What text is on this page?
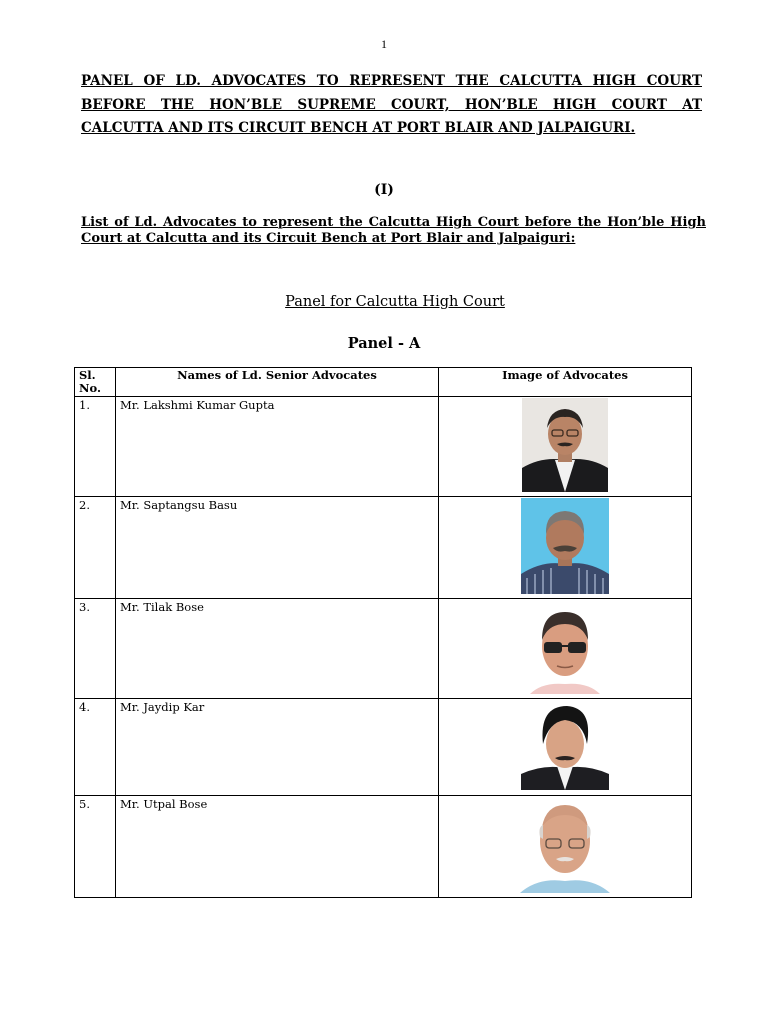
1
PANEL OF LD. ADVOCATES TO REPRESENT THE CALCUTTA HIGH COURT BEFORE THE HON’BLE SUPREME COURT, HON’BLE HIGH COURT AT CALCUTTA AND ITS CIRCUIT BENCH AT PORT BLAIR AND JALPAIGURI.
(I)
List of Ld. Advocates to represent the Calcutta High Court before the Hon’ble High Court at Calcutta and its Circuit Bench at Port Blair and Jalpaiguri:
Panel for Calcutta High Court
Panel - A
Sl. No.	Names of Ld. Senior Advocates	Image of Advocates
1.	Mr. Lakshmi Kumar Gupta	
2.	Mr. Saptangsu Basu	
3.	Mr. Tilak Bose	
4.	Mr. Jaydip Kar	
5.	Mr. Utpal Bose	
